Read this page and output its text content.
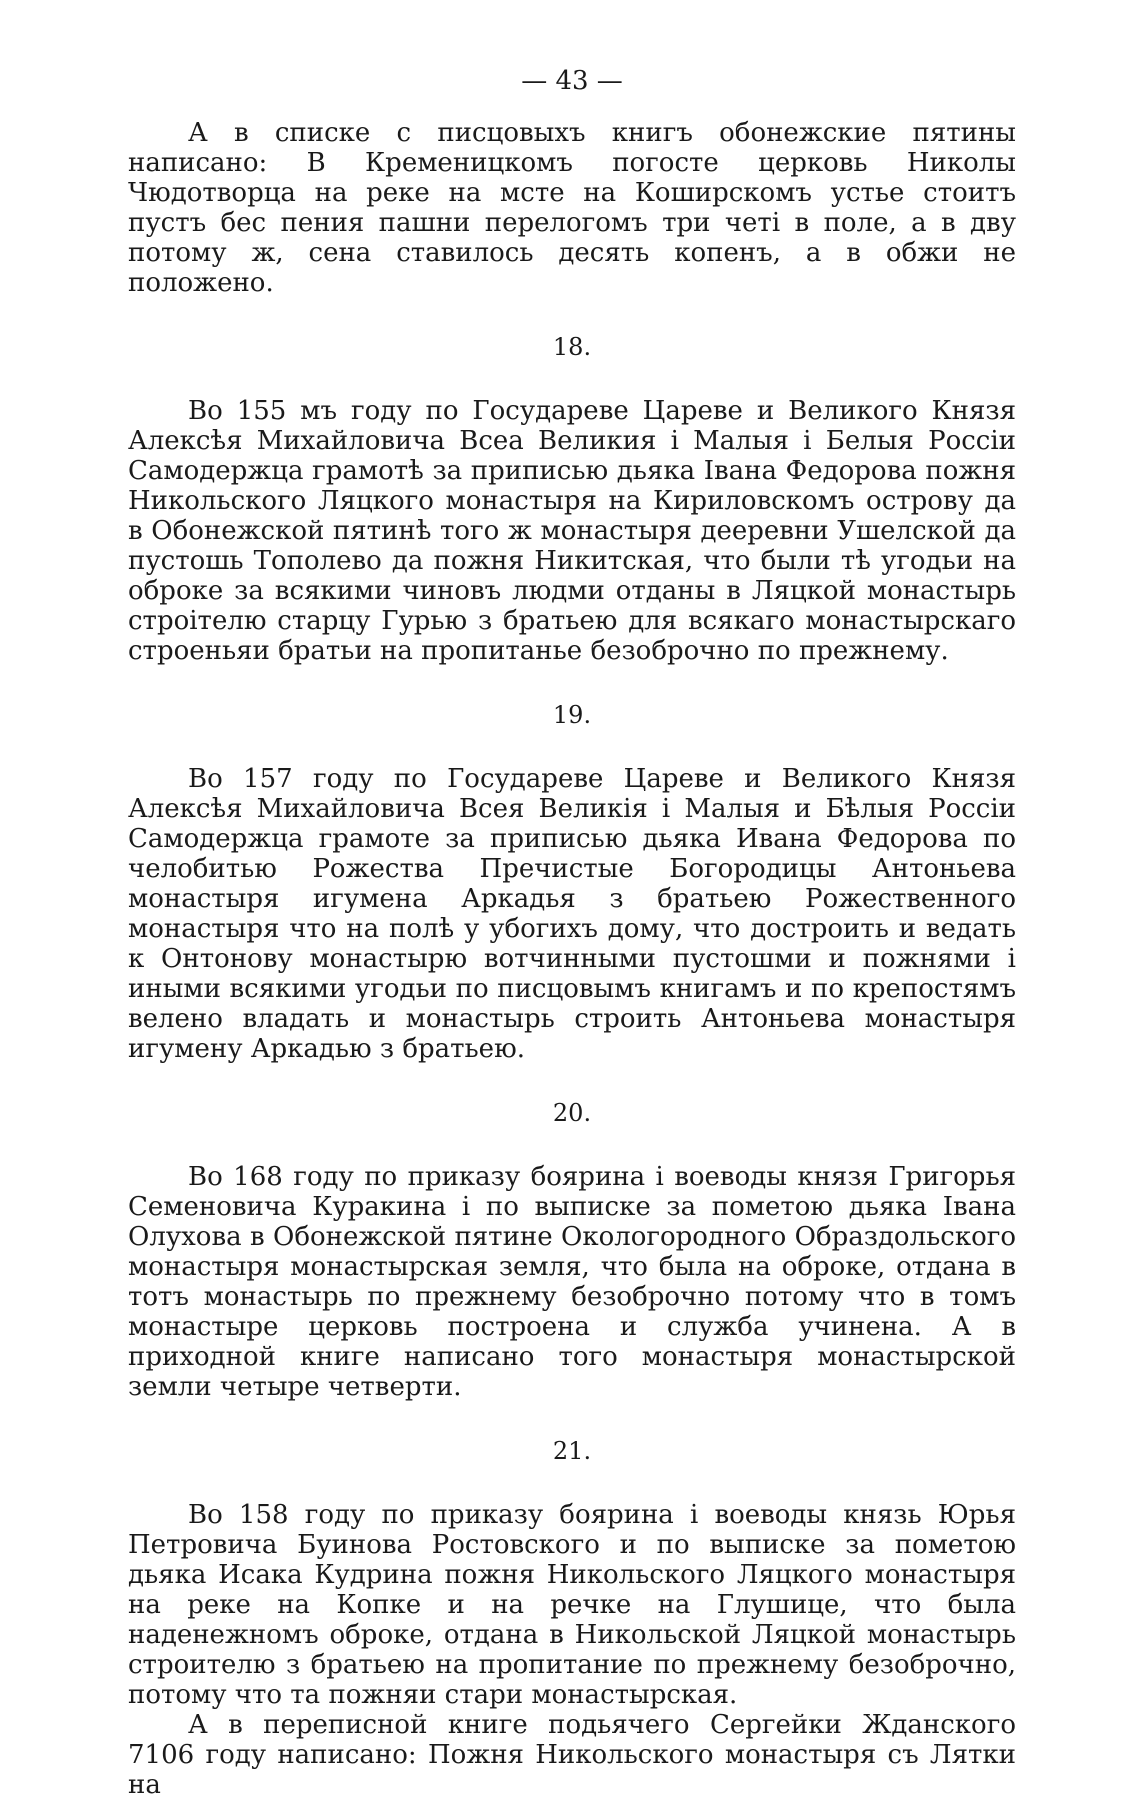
— 43 —

А в списке с писцовыхъ книгъ обонежские пятины написано: В Кременицкомъ погосте церковь Николы Чюдотворца на реке на мсте на Коширскомъ устье стоитъ пустъ бес пения пашни перелогомъ три четі в поле, а в дву потому ж, сена ставилось десять копенъ, а в обжи не положено.

18.

Во 155 мъ году по Государеве Цареве и Великого Князя Алексѣя Михайловича Всеа Великия і Малыя і Белыя Россіи Самодержца грамотѣ за приписью дьяка Івана Федорова пожня Никольского Ляцкого монастыря на Кириловскомъ острову да в Обонежской пятинѣ того ж монастыря дееревни Ушелской да пустошь Тополево да пожня Никитская, что были тѣ угодьи на оброке за всякими чиновъ людми отданы в Ляцкой монастырь строітелю старцу Гурью з братьею для всякаго монастырскаго строеньяи братьи на пропитанье безоброчно по прежнему.

19.

Во 157 году по Государеве Цареве и Великого Князя Алексѣя Михайловича Всея Великія і Малыя и Бѣлыя Россіи Самодержца грамоте за приписью дьяка Ивана Федорова по челобитью Рожества Пречистые Богородицы Антоньева монастыря игумена Аркадья з братьею Рожественного монастыря что на полѣ у убогихъ дому, что достроить и ведать к Онтонову монастырю вотчинными пустошми и пожнями і иными всякими угодьи по писцовымъ книгамъ и по крепостямъ велено владать и монастырь строить Антоньева монастыря игумену Аркадью з братьею.

20.

Во 168 году по приказу боярина і воеводы князя Григорья Семеновича Куракина і по выписке за пометою дьяка Івана Олухова в Обонежской пятине Окологородного Образдольского монастыря монастырская земля, что была на оброке, отдана в тотъ монастырь по прежнему безоброчно потому что в томъ монастыре церковь построена и служба учинена. А в приходной книге написано того монастыря монастырской земли четыре четверти.

21.

Во 158 году по приказу боярина і воеводы князь Юрья Петровича Буинова Ростовского и по выписке за пометою дьяка Исака Кудрина пожня Никольского Ляцкого монастыря на реке на Копке и на речке на Глушице, что была наденежномъ оброке, отдана в Никольской Ляцкой монастырь строителю з братьею на пропитание по прежнему безоброчно, потому что та пожняи стари монастырская.

А в переписной книге подьячего Сергейки Жданского 7106 году написано: Пожня Никольского монастыря съ Лятки на
